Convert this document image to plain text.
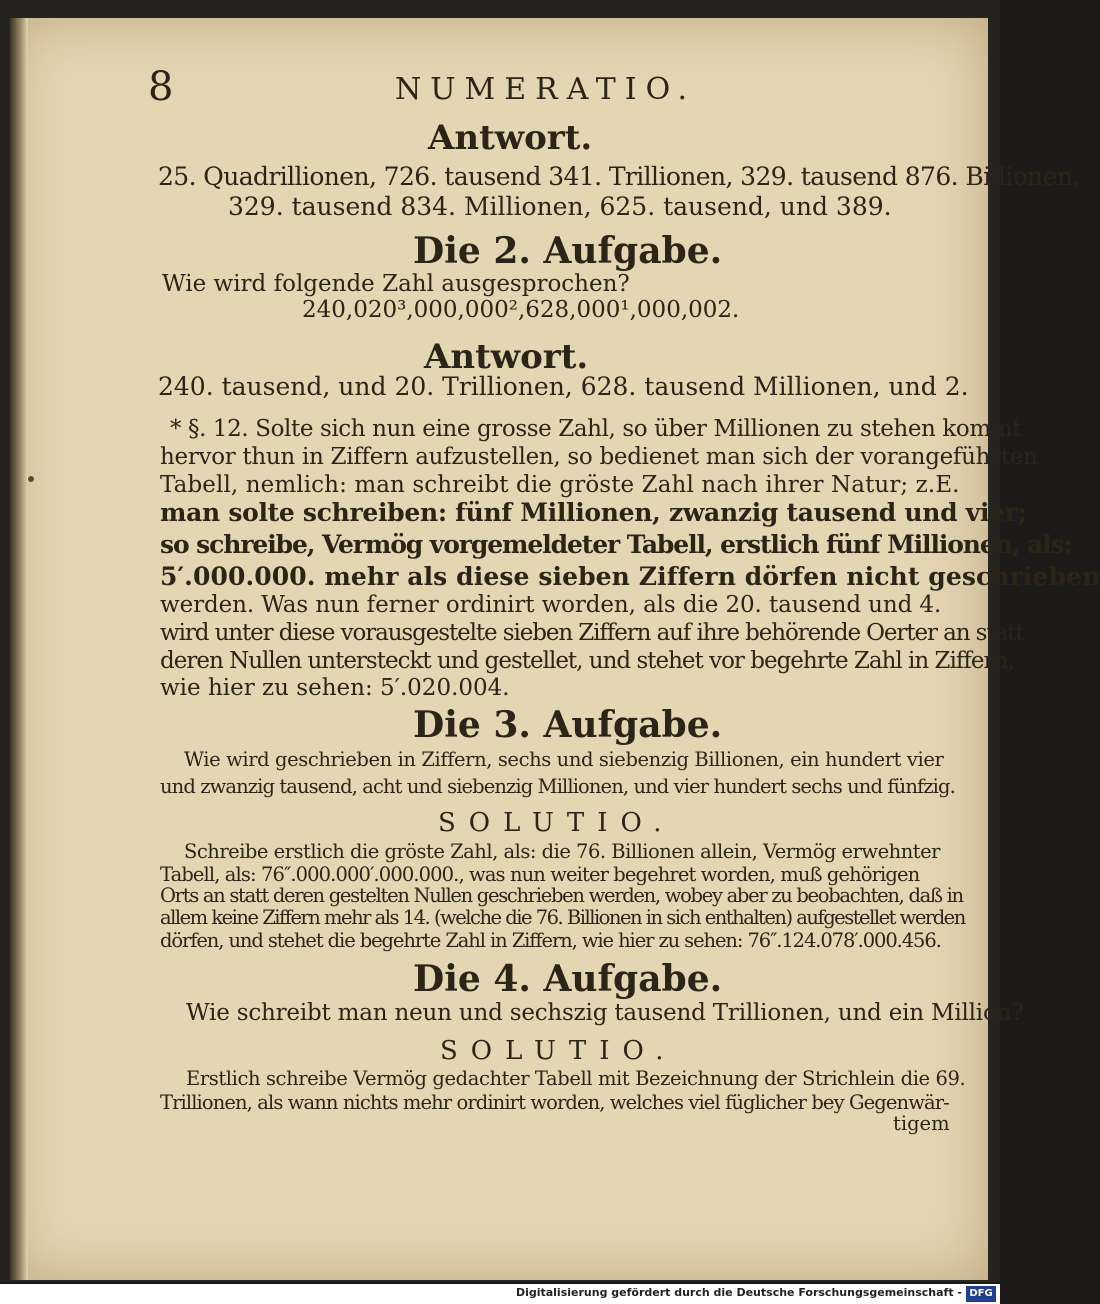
8	NUMERATIO.
Antwort.
25. Quadrillionen, 726. tausend 341. Trillionen, 329. tausend 876. Billionen,
329. tausend 834. Millionen, 625. tausend, und 389.
Die 2. Aufgabe.
Wie wird folgende Zahl ausgesprochen?
240,020³,000,000²,628,000¹,000,002.
Antwort.
240. tausend, und 20. Trillionen, 628. tausend Millionen, und 2.
* §. 12. Solte sich nun eine grosse Zahl, so über Millionen zu stehen kommt
hervor thun in Ziffern aufzustellen, so bedienet man sich der vorangeführten
Tabell, nemlich: man schreibt die gröste Zahl nach ihrer Natur; z.E.
man solte schreiben: fünf Millionen, zwanzig tausend und vier;
so schreibe, Vermög vorgemeldeter Tabell, erstlich fünf Millionen, als:
5′.000.000. mehr als diese sieben Ziffern dörfen nicht geschrieben
werden. Was nun ferner ordinirt worden, als die 20. tausend und 4.
wird unter diese vorausgestelte sieben Ziffern auf ihre behörende Oerter an statt
deren Nullen untersteckt und gestellet, und stehet vor begehrte Zahl in Ziffern,
wie hier zu sehen: 5′.020.004.
Die 3. Aufgabe.
Wie wird geschrieben in Ziffern, sechs und siebenzig Billionen, ein hundert vier
und zwanzig tausend, acht und siebenzig Millionen, und vier hundert sechs und fünfzig.
SOLUTIO.
Schreibe erstlich die gröste Zahl, als: die 76. Billionen allein, Vermög erwehnter
Tabell, als: 76″.000.000′.000.000., was nun weiter begehret worden, muß gehörigen
Orts an statt deren gestelten Nullen geschrieben werden, wobey aber zu beobachten, daß in
allem keine Ziffern mehr als 14. (welche die 76. Billionen in sich enthalten) aufgestellet werden
dörfen, und stehet die begehrte Zahl in Ziffern, wie hier zu sehen: 76″.124.078′.000.456.
Die 4. Aufgabe.
Wie schreibt man neun und sechszig tausend Trillionen, und ein Million?
SOLUTIO.
Erstlich schreibe Vermög gedachter Tabell mit Bezeichnung der Strichlein die 69.
Trillionen, als wann nichts mehr ordinirt worden, welches viel füglicher bey Gegenwär-
tigem
Digitalisierung gefördert durch die Deutsche Forschungsgemeinschaft - DFG
